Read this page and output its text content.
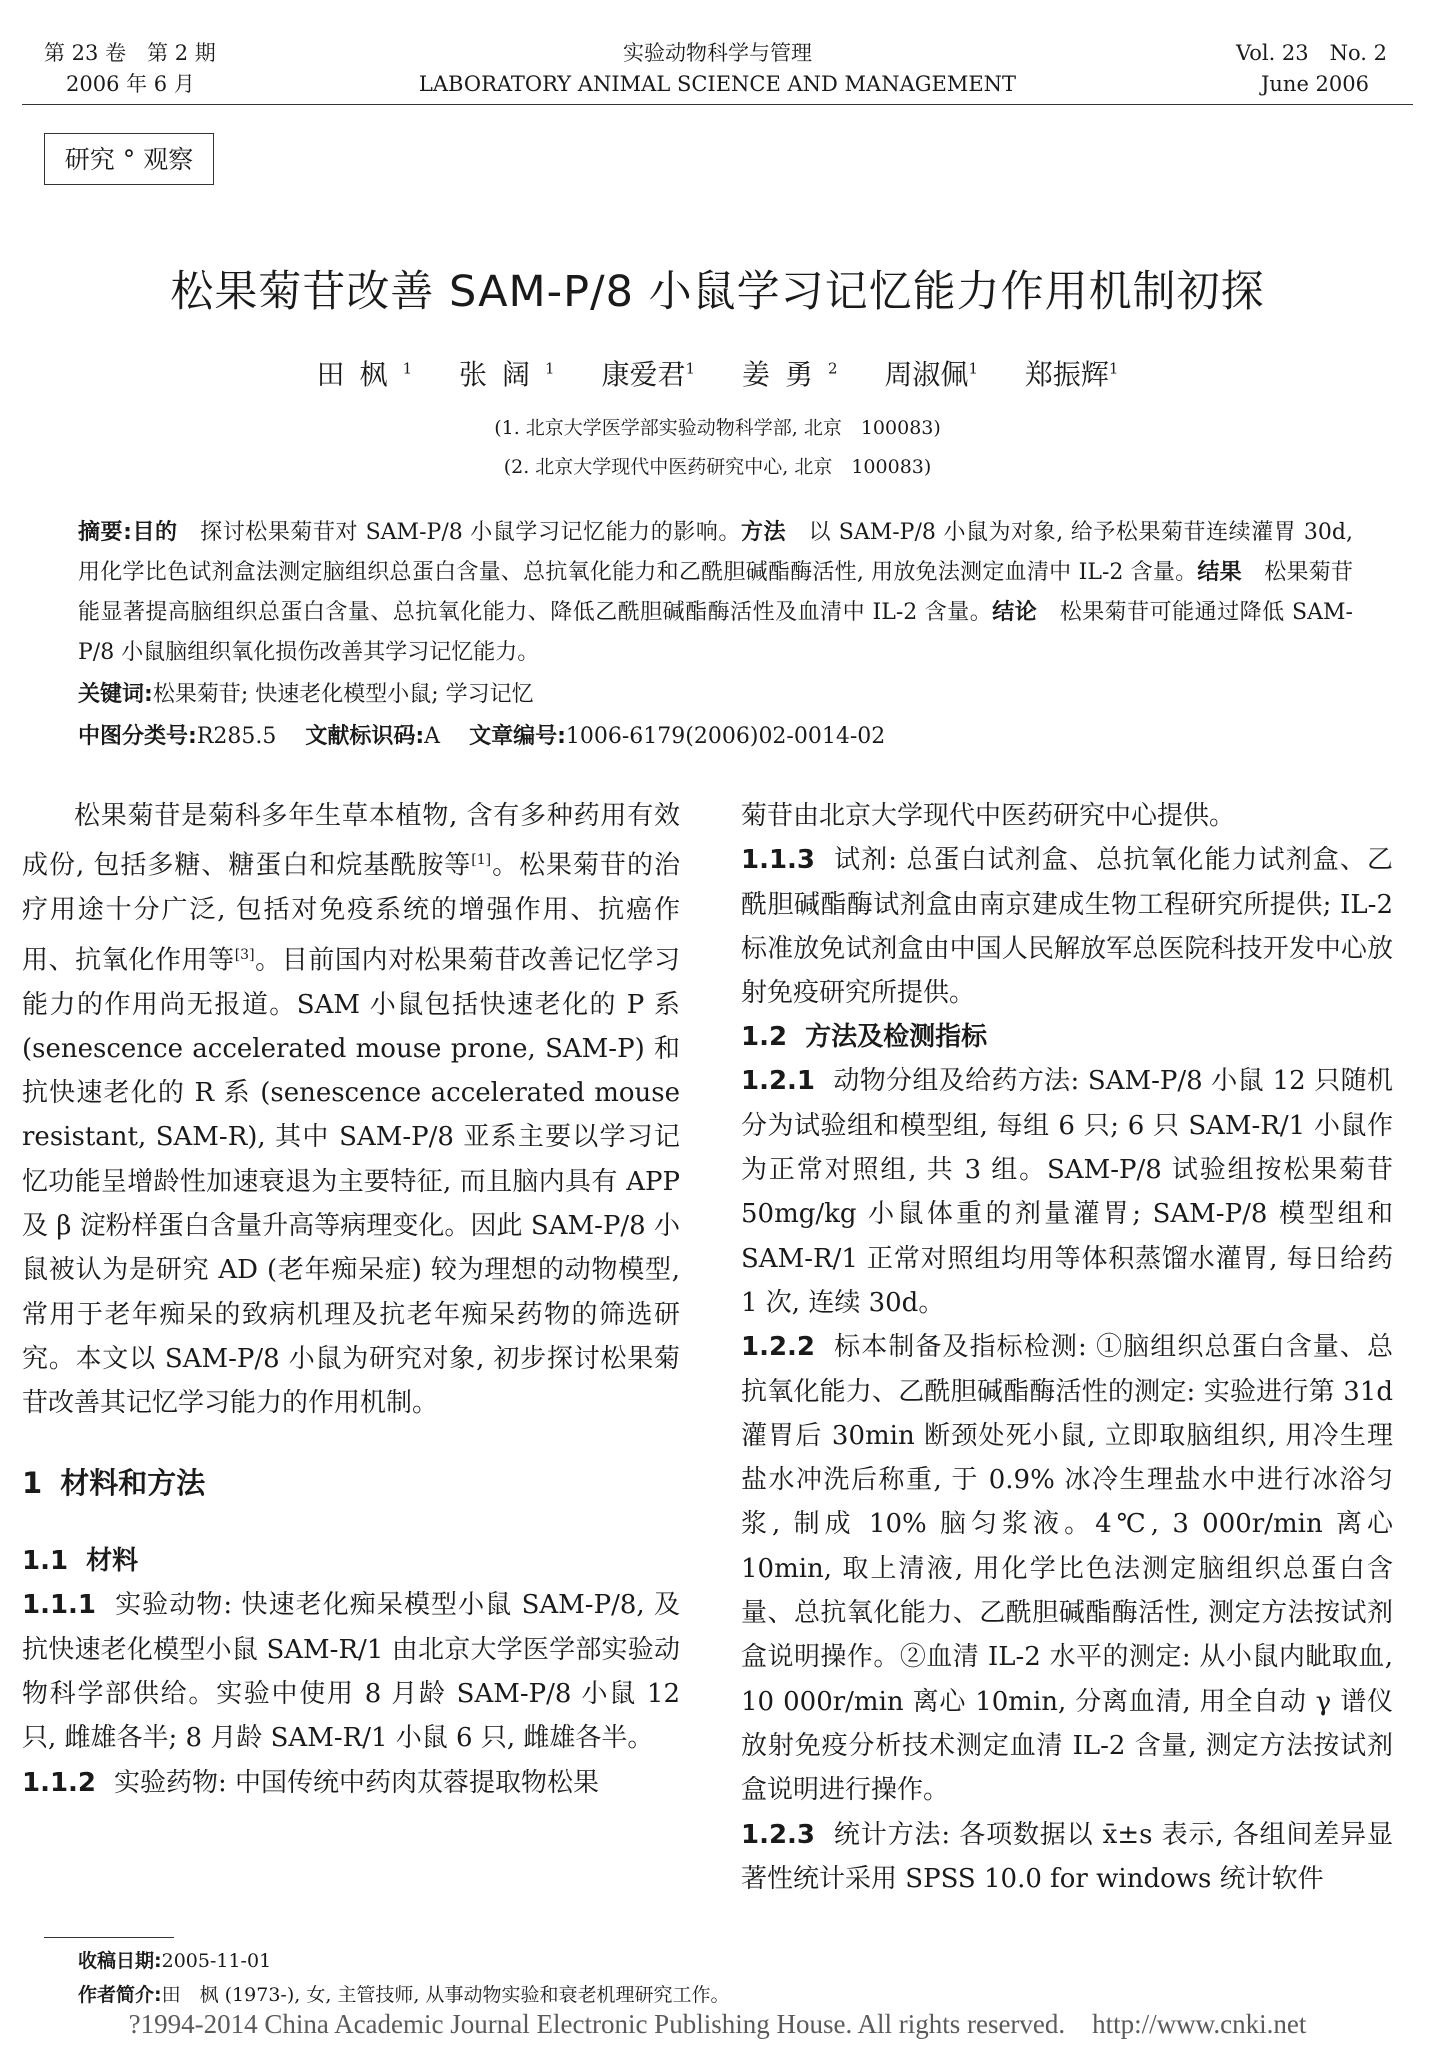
第 23 卷　第 2 期
2006 年 6 月
实验动物科学与管理
LABORATORY ANIMAL SCIENCE AND MANAGEMENT
Vol. 23　No. 2
June 2006
研究 ° 观察
松果菊苷改善 SAM-P/8 小鼠学习记忆能力作用机制初探
田枫$^1$ 张阔$^1$ 康爱君$^1$ 姜勇$^2$ 周淑佩$^1$ 郑振辉$^1$
(1. 北京大学医学部实验动物科学部, 北京　100083)
(2. 北京大学现代中医药研究中心, 北京　100083)
摘要:目的　 探讨松果菊苷对 SAM-P/8 小鼠学习记忆能力的影响。方法　 以 SAM-P/8 小鼠为对象, 给予松果菊苷连续灌胃 30d, 用化学比色试剂盒法测定脑组织总蛋白含量、总抗氧化能力和乙酰胆碱酯酶活性, 用放免法测定血清中 IL-2 含量。结果　 松果菊苷能显著提高脑组织总蛋白含量、总抗氧化能力、降低乙酰胆碱酯酶活性及血清中 IL-2 含量。结论　 松果菊苷可能通过降低 SAM-P/8 小鼠脑组织氧化损伤改善其学习记忆能力。
关键词:松果菊苷; 快速老化模型小鼠; 学习记忆
中图分类号:R285.5　 文献标识码:A　 文章编号:1006-6179(2006)02-0014-02

松果菊苷是菊科多年生草本植物, 含有多种药用有效成份, 包括多糖、糖蛋白和烷基酰胺等[1]。松果菊苷的治疗用途十分广泛, 包括对免疫系统的增强作用、抗癌作用、抗氧化作用等[3]。目前国内对松果菊苷改善记忆学习能力的作用尚无报道。SAM 小鼠包括快速老化的 P 系 (senescence accelerated mouse prone, SAM-P) 和抗快速老化的 R 系 (senescence accelerated mouse resistant, SAM-R), 其中 SAM-P/8 亚系主要以学习记忆功能呈增龄性加速衰退为主要特征, 而且脑内具有 APP 及 β 淀粉样蛋白含量升高等病理变化。因此 SAM-P/8 小鼠被认为是研究 AD (老年痴呆症) 较为理想的动物模型, 常用于老年痴呆的致病机理及抗老年痴呆药物的筛选研究。本文以 SAM-P/8 小鼠为研究对象, 初步探讨松果菊苷改善其记忆学习能力的作用机制。

1 材料和方法
1.1 材料

1.1.1 实验动物: 快速老化痴呆模型小鼠 SAM-P/8, 及抗快速老化模型小鼠 SAM-R/1 由北京大学医学部实验动物科学部供给。实验中使用 8 月龄 SAM-P/8 小鼠 12 只, 雌雄各半; 8 月龄 SAM-R/1 小鼠 6 只, 雌雄各半。

1.1.2 实验药物: 中国传统中药肉苁蓉提取物松果

菊苷由北京大学现代中医药研究中心提供。

1.1.3 试剂: 总蛋白试剂盒、总抗氧化能力试剂盒、乙酰胆碱酯酶试剂盒由南京建成生物工程研究所提供; IL-2 标准放免试剂盒由中国人民解放军总医院科技开发中心放射免疫研究所提供。

1.2 方法及检测指标

1.2.1 动物分组及给药方法: SAM-P/8 小鼠 12 只随机分为试验组和模型组, 每组 6 只; 6 只 SAM-R/1 小鼠作为正常对照组, 共 3 组。SAM-P/8 试验组按松果菊苷 50mg/kg 小鼠体重的剂量灌胃; SAM-P/8 模型组和 SAM-R/1 正常对照组均用等体积蒸馏水灌胃, 每日给药 1 次, 连续 30d。

1.2.2 标本制备及指标检测: ①脑组织总蛋白含量、总抗氧化能力、乙酰胆碱酯酶活性的测定: 实验进行第 31d 灌胃后 30min 断颈处死小鼠, 立即取脑组织, 用冷生理盐水冲洗后称重, 于 0.9% 冰冷生理盐水中进行冰浴匀浆, 制成 10% 脑匀浆液。4℃, 3 000r/min 离心 10min, 取上清液, 用化学比色法测定脑组织总蛋白含量、总抗氧化能力、乙酰胆碱酯酶活性, 测定方法按试剂盒说明操作。②血清 IL-2 水平的测定: 从小鼠内眦取血, 10 000r/min 离心 10min, 分离血清, 用全自动 γ 谱仪放射免疫分析技术测定血清 IL-2 含量, 测定方法按试剂盒说明进行操作。

1.2.3 统计方法: 各项数据以 x̄±s 表示, 各组间差异显著性统计采用 SPSS 10.0 for windows 统计软件

收稿日期:2005-11-01
作者简介:田　枫 (1973-), 女, 主管技师, 从事动物实验和衰老机理研究工作。
?1994-2014 China Academic Journal Electronic Publishing House. All rights reserved.    http://www.cnki.net
